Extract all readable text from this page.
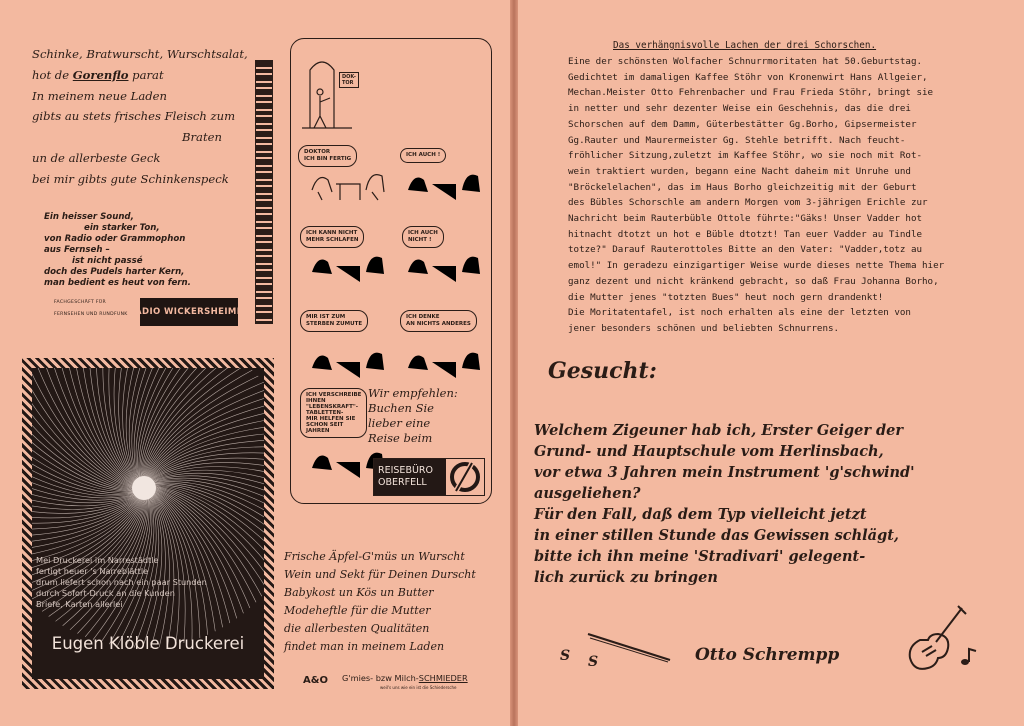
Schinke, Bratwurscht, Wurschtsalat,
hot de Gorenflo parat
In meinem neue Laden
gibts au stets frisches Fleisch zum
Braten
un de allerbeste Geck
bei mir gibts gute Schinkenspeck
Ein heisser Sound,
ein starker Ton,
von Radio oder Grammophon
aus Fernseh –
ist nicht passé
doch des Pudels harter Kern,
man bedient es heut von fern.
FACHGESCHÄFT FÜR
FERNSEHEN UND RUNDFUNK RADIO WICKERSHEIMER
Mei Druckerei im Narrestädtle
fertigt heuer 's Narreblättle
drum liefert schon nach ein paar Stunden
durch Sofort-Druck an die Kunden
Briefe, Karten allerlei
Eugen Klöble Druckerei
DOK-
TOR
DOKTOR
ICH BIN FERTIG
ICH AUCH !
ICH KANN NICHT
MEHR SCHLAFEN
ICH AUCH
NICHT !
MIR IST ZUM
STERBEN ZUMUTE
ICH DENKE
AN NICHTS ANDERES
ICH VERSCHREIBE
IHNEN
"LEBENSKRAFT"-
TABLETTEN-
MIR HELFEN SIE
SCHON SEIT
JAHREN
Wir empfehlen:
Buchen Sie
lieber eine
Reise beim
REISEBÜRO
OBERFELL
Frische Äpfel-G'müs un Wurscht
Wein und Sekt für Deinen Durscht
Babykost un Kös un Butter
Modeheftle für die Mutter
die allerbesten Qualitäten
findet man in meinem Laden
A&O G'mies- bzw Milch-SCHMIEDER
weil's uns wie ein ist die Schiedersche
Das verhängnisvolle Lachen der drei Schorschen.
Eine der schönsten Wolfacher Schnurrmoritaten hat 50.Geburtstag.
Gedichtet im damaligen Kaffee Stöhr von Kronenwirt Hans Allgeier,
Mechan.Meister Otto Fehrenbacher und Frau Frieda Stöhr, bringt sie
in netter und sehr dezenter Weise ein Geschehnis, das die drei
Schorschen auf dem Damm, Güterbestätter Gg.Borho, Gipsermeister
Gg.Rauter und Maurermeister Gg. Stehle betrifft. Nach feucht-
fröhlicher Sitzung,zuletzt im Kaffee Stöhr, wo sie noch mit Rot-
wein traktiert wurden, begann eine Nacht daheim mit Unruhe und
"Bröckelelachen", das im Haus Borho gleichzeitig mit der Geburt
des Bübles Schorschle am andern Morgen vom 3-jährigen Erichle zur
Nachricht beim Rauterbüble Ottole führte:"Gäks! Unser Vadder hot
hitnacht dtotzt un hot e Büble dtotzt! Tan euer Vadder au Tindle
totze?" Darauf Rauterottoles Bitte an den Vater: "Vadder,totz au
emol!" In geradezu einzigartiger Weise wurde dieses nette Thema hier
ganz dezent und nicht kränkend gebracht, so daß Frau Johanna Borho,
die Mutter jenes "totzten Bues" heut noch gern drandenkt!
Die Moritatentafel, ist noch erhalten als eine der letzten von
jener besonders schönen und beliebten Schnurrens.
Gesucht:
Welchem Zigeuner hab ich, Erster Geiger der
Grund- und Hauptschule vom Herlinsbach,
vor etwa 3 Jahren mein Instrument 'g'schwind'
ausgeliehen?
Für den Fall, daß dem Typ vielleicht jetzt
in einer stillen Stunde das Gewissen schlägt,
bitte ich ihn meine 'Stradivari' gelegent-
lich zurück zu bringen
S S	Otto Schrempp
